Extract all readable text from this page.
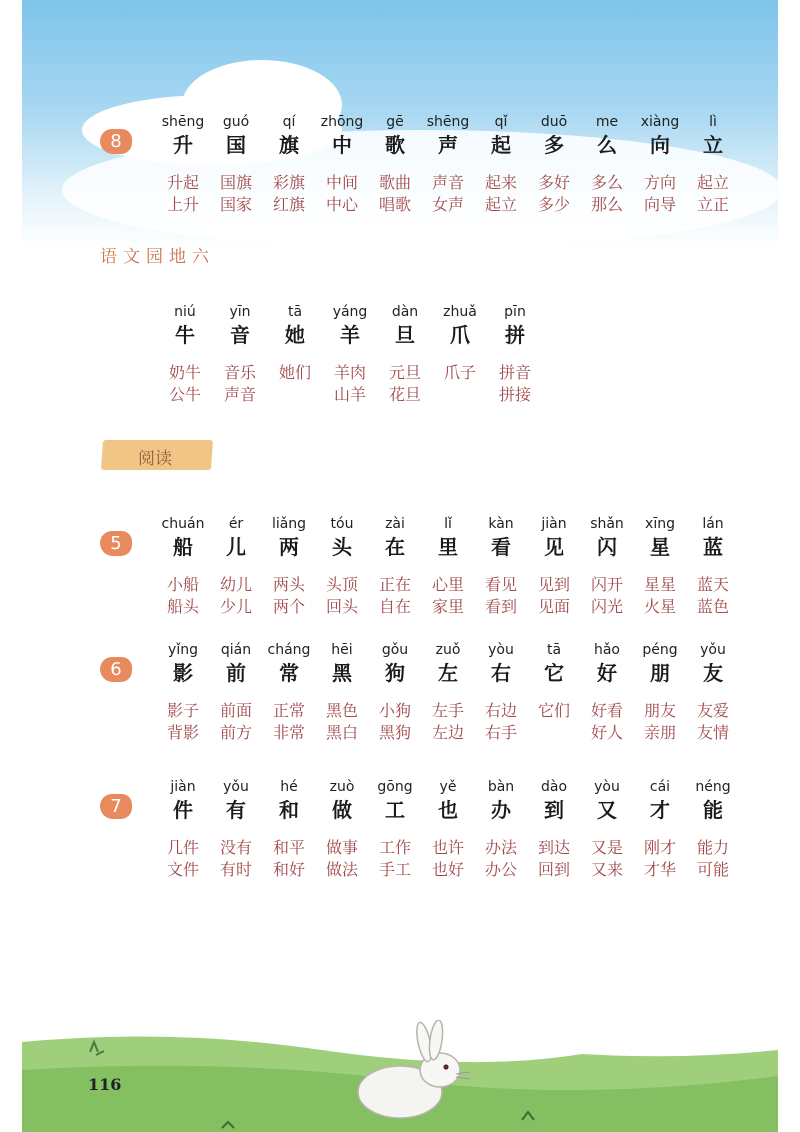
8
shēng
升
升起
上升
guó
国
国旗
国家
qí
旗
彩旗
红旗
zhōng
中
中间
中心
gē
歌
歌曲
唱歌
shēng
声
声音
女声
qǐ
起
起来
起立
duō
多
多好
多少
me
么
多么
那么
xiàng
向
方向
向导
lì
立
起立
立正
语文园地六
niú
牛
奶牛
公牛
yīn
音
音乐
声音
tā
她
她们
yáng
羊
羊肉
山羊
dàn
旦
元旦
花旦
zhuǎ
爪
爪子
pīn
拼
拼音
拼接
阅读
5
chuán
船
小船
船头
ér
儿
幼儿
少儿
liǎng
两
两头
两个
tóu
头
头顶
回头
zài
在
正在
自在
lǐ
里
心里
家里
kàn
看
看见
看到
jiàn
见
见到
见面
shǎn
闪
闪开
闪光
xīng
星
星星
火星
lán
蓝
蓝天
蓝色
6
yǐng
影
影子
背影
qián
前
前面
前方
cháng
常
正常
非常
hēi
黑
黑色
黑白
gǒu
狗
小狗
黑狗
zuǒ
左
左手
左边
yòu
右
右边
右手
tā
它
它们
hǎo
好
好看
好人
péng
朋
朋友
亲朋
yǒu
友
友爱
友情
7
jiàn
件
几件
文件
yǒu
有
没有
有时
hé
和
和平
和好
zuò
做
做事
做法
gōng
工
工作
手工
yě
也
也许
也好
bàn
办
办法
办公
dào
到
到达
回到
yòu
又
又是
又来
cái
才
刚才
才华
néng
能
能力
可能
116
